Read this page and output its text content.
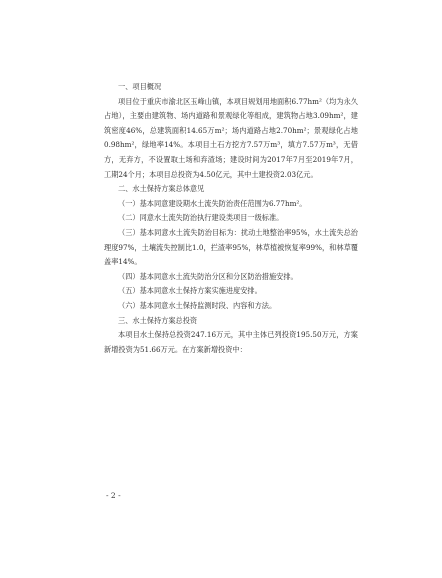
一、项目概况

项目位于重庆市渝北区玉峰山镇，本项目规划用地面积6.77hm²（均为永久占地），主要由建筑物、场内道路和景观绿化等组成，建筑物占地3.09hm²，建筑密度46%，总建筑面积14.65万m²；场内道路占地2.70hm²；景观绿化占地0.98hm²，绿地率14%。本项目土石方挖方7.57万m³，填方7.57万m³，无借方，无弃方，不设置取土场和弃渣场；建设时间为2017年7月至2019年7月，工期24个月；本项目总投资为4.50亿元，其中土建投资2.03亿元。

二、水土保持方案总体意见

（一）基本同意建设期水土流失防治责任范围为6.77hm²。

（二）同意水土流失防治执行建设类项目一级标准。

（三）基本同意水土流失防治目标为：扰动土地整治率95%，水土流失总治理度97%，土壤流失控制比1.0，拦渣率95%，林草植被恢复率99%，和林草覆盖率14%。

（四）基本同意水土流失防治分区和分区防治措施安排。

（五）基本同意水土保持方案实施进度安排。

（六）基本同意水土保持监测时段、内容和方法。

三、水土保持方案总投资

本项目水土保持总投资247.16万元，其中主体已列投资195.50万元，方案新增投资为51.66万元。在方案新增投资中：

- 2 -
